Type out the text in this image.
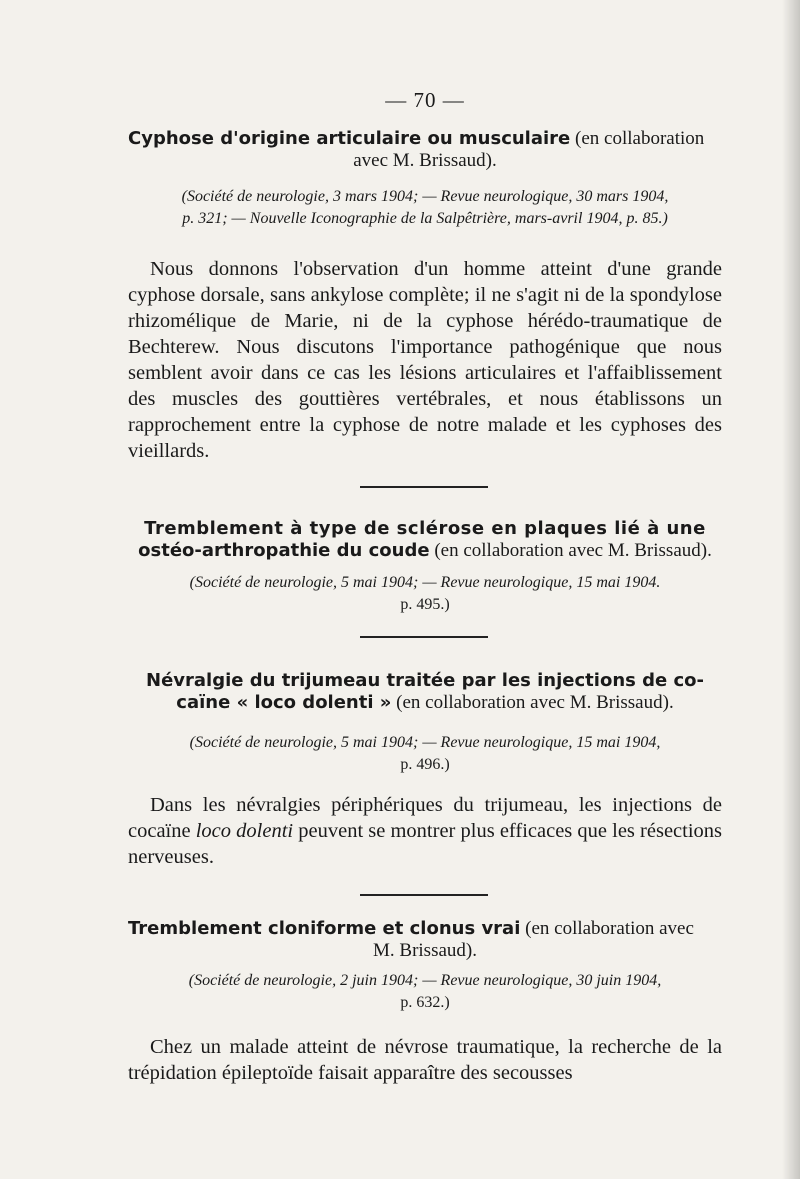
— 70 —
Cyphose d'origine articulaire ou musculaire (en collaboration
avec M. Brissaud).
(Société de neurologie, 3 mars 1904; — Revue neurologique, 30 mars 1904,
p. 321; — Nouvelle Iconographie de la Salpêtrière, mars-avril 1904, p. 85.)

Nous donnons l'observation d'un homme atteint d'une grande cyphose dorsale, sans ankylose complète; il ne s'agit ni de la spondylose rhizomélique de Marie, ni de la cyphose hérédo-traumatique de Bechterew. Nous discutons l'importance pathogénique que nous semblent avoir dans ce cas les lésions articulaires et l'affaiblissement des muscles des gouttières vertébrales, et nous établissons un rapprochement entre la cyphose de notre malade et les cyphoses des vieillards.

Tremblement à type de sclérose en plaques lié à une
ostéo-arthropathie du coude (en collaboration avec M. Brissaud).
(Société de neurologie, 5 mai 1904; — Revue neurologique, 15 mai 1904.
p. 495.)
Névralgie du trijumeau traitée par les injections de co-
caïne « loco dolenti » (en collaboration avec M. Brissaud).
(Société de neurologie, 5 mai 1904; — Revue neurologique, 15 mai 1904,
p. 496.)

Dans les névralgies périphériques du trijumeau, les injections de cocaïne loco dolenti peuvent se montrer plus efficaces que les résections nerveuses.

Tremblement cloniforme et clonus vrai (en collaboration avec
M. Brissaud).
(Société de neurologie, 2 juin 1904; — Revue neurologique, 30 juin 1904,
p. 632.)

Chez un malade atteint de névrose traumatique, la recherche de la trépidation épileptoïde faisait apparaître des secousses
